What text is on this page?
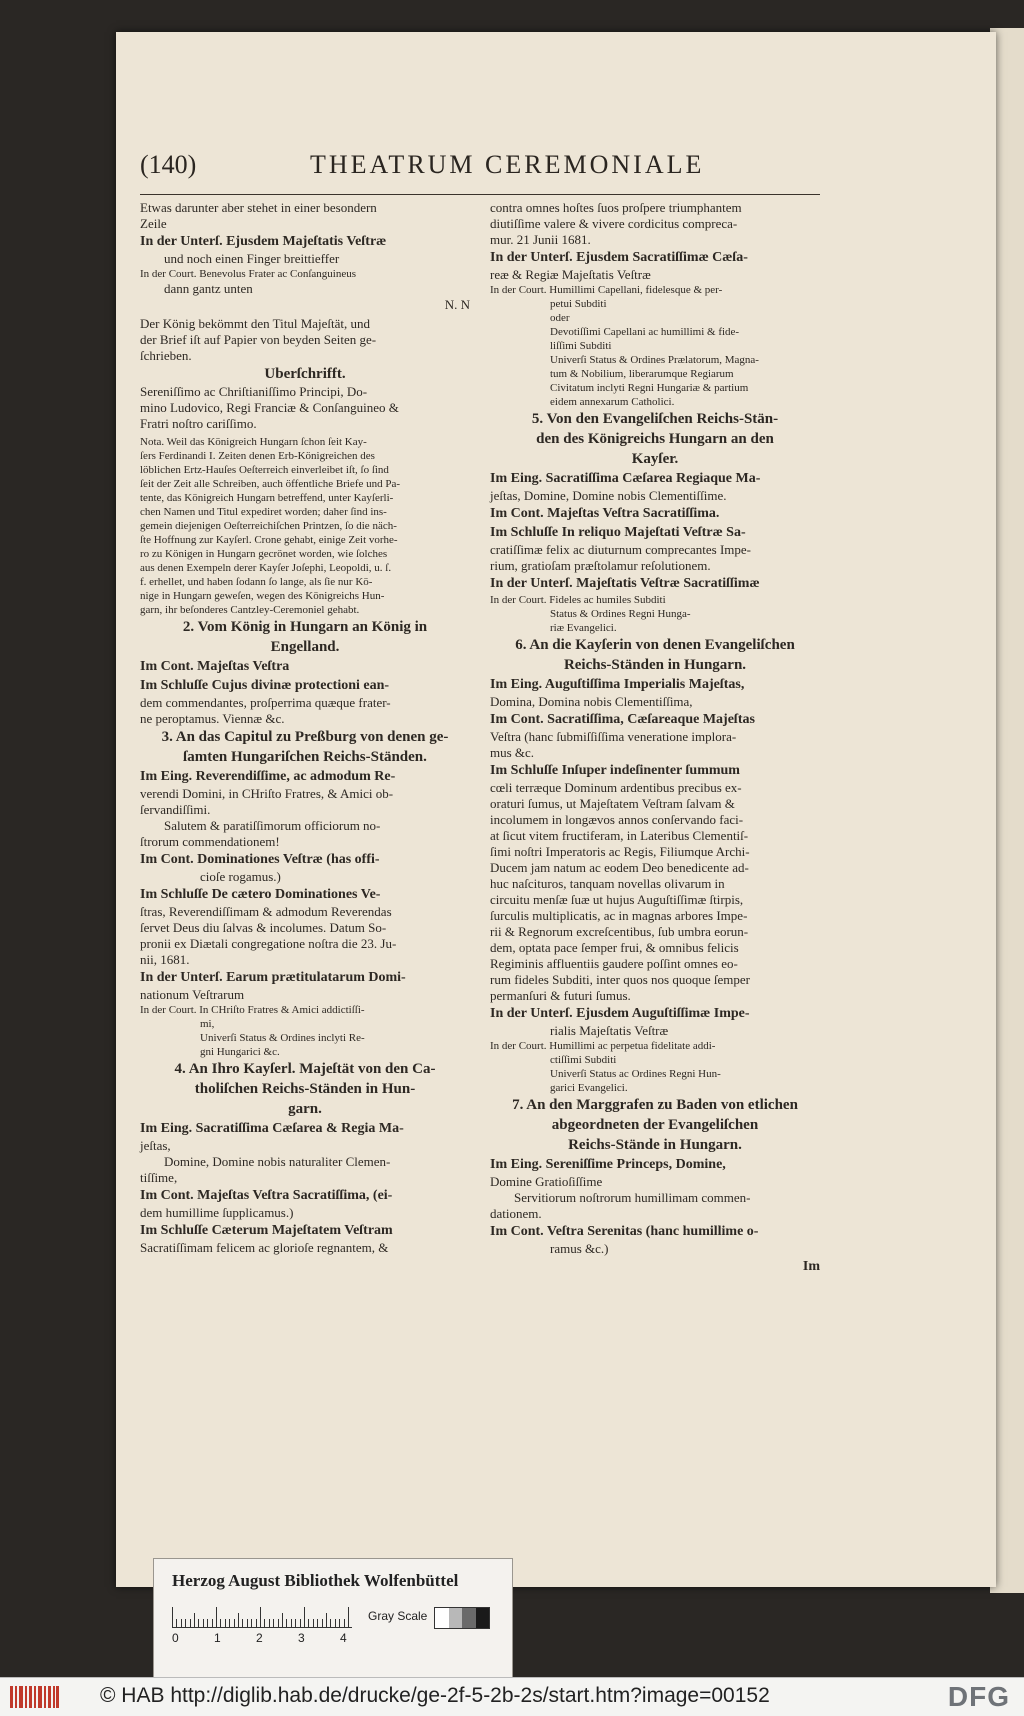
(140)	THEATRUM CEREMONIALE

Etwas darunter aber stehet in einer besondern

Zeile

In der Unterſ. Ejusdem Majeſtatis Veſtræ

und noch einen Finger breittieffer

In der Court. Benevolus Frater ac Conſanguineus

dann gantz unten

N. N

Der König bekömmt den Titul Majeſtät, und

der Brief iſt auf Papier von beyden Seiten ge-

ſchrieben.

Uberſchrifft.

Sereniſſimo ac Chriſtianiſſimo Principi, Do-

mino Ludovico, Regi Franciæ & Conſanguineo &

Fratri noſtro cariſſimo.

Nota. Weil das Königreich Hungarn ſchon ſeit Kay-

ſers Ferdinandi I. Zeiten denen Erb-Königreichen des

löblichen Ertz-Hauſes Oeſterreich einverleibet iſt, ſo ſind

ſeit der Zeit alle Schreiben, auch öffentliche Briefe und Pa-

tente, das Königreich Hungarn betreffend, unter Kayſerli-

chen Namen und Titul expediret worden; daher ſind ins-

gemein diejenigen Oeſterreichiſchen Printzen, ſo die näch-

ſte Hoffnung zur Kayſerl. Crone gehabt, einige Zeit vorhe-

ro zu Königen in Hungarn gecrönet worden, wie ſolches

aus denen Exempeln derer Kayſer Joſephi, Leopoldi, u. ſ.

f. erhellet, und haben ſodann ſo lange, als ſie nur Kö-

nige in Hungarn geweſen, wegen des Königreichs Hun-

garn, ihr beſonderes Cantzley-Ceremoniel gehabt.

2. Vom König in Hungarn an König in

Engelland.

Im Cont. Majeſtas Veſtra

Im Schluſſe Cujus divinæ protectioni ean-

dem commendantes, proſperrima quæque frater-

ne peroptamus. Viennæ &c.

3. An das Capitul zu Preßburg von denen ge-

ſamten Hungariſchen Reichs-Ständen.

Im Eing. Reverendiſſime, ac admodum Re-

verendi Domini, in CHriſto Fratres, & Amici ob-

ſervandiſſimi.

Salutem & paratiſſimorum officiorum no-

ſtrorum commendationem!

Im Cont. Dominationes Veſtræ (has offi-

cioſe rogamus.)

Im Schluſſe De cætero Dominationes Ve-

ſtras, Reverendiſſimam & admodum Reverendas

ſervet Deus diu ſalvas & incolumes. Datum So-

pronii ex Diætali congregatione noſtra die 23. Ju-

nii, 1681.

In der Unterſ. Earum prætitulatarum Domi-

nationum Veſtrarum

In der Court. In CHriſto Fratres & Amici addictiſſi-

mi,

Univerſi Status & Ordines inclyti Re-

gni Hungarici &c.

4. An Ihro Kayſerl. Majeſtät von den Ca-

tholiſchen Reichs-Ständen in Hun-

garn.

Im Eing. Sacratiſſima Cæſarea & Regia Ma-

jeſtas,

Domine, Domine nobis naturaliter Clemen-

tiſſime,

Im Cont. Majeſtas Veſtra Sacratiſſima, (ei-

dem humillime ſupplicamus.)

Im Schluſſe Cæterum Majeſtatem Veſtram

Sacratiſſimam felicem ac glorioſe regnantem, &

contra omnes hoſtes ſuos proſpere triumphantem

diutiſſime valere & vivere cordicitus compreca-

mur. 21 Junii 1681.

In der Unterſ. Ejusdem Sacratiſſimæ Cæſa-

reæ & Regiæ Majeſtatis Veſtræ

In der Court. Humillimi Capellani, fidelesque & per-

petui Subditi

oder

Devotiſſimi Capellani ac humillimi & fide-

liſſimi Subditi

Univerſi Status & Ordines Prælatorum, Magna-

tum & Nobilium, liberarumque Regiarum

Civitatum inclyti Regni Hungariæ & partium

eidem annexarum Catholici.

5. Von den Evangeliſchen Reichs-Stän-

den des Königreichs Hungarn an den

Kayſer.

Im Eing. Sacratiſſima Cæſarea Regiaque Ma-

jeſtas, Domine, Domine nobis Clementiſſime.

Im Cont. Majeſtas Veſtra Sacratiſſima.

Im Schluſſe In reliquo Majeſtati Veſtræ Sa-

cratiſſimæ felix ac diuturnum comprecantes Impe-

rium, gratioſam præſtolamur reſolutionem.

In der Unterſ. Majeſtatis Veſtræ Sacratiſſimæ

In der Court. Fideles ac humiles Subditi

Status & Ordines Regni Hunga-

riæ Evangelici.

6. An die Kayſerin von denen Evangeliſchen

Reichs-Ständen in Hungarn.

Im Eing. Auguſtiſſima Imperialis Majeſtas,

Domina, Domina nobis Clementiſſima,

Im Cont. Sacratiſſima, Cæſareaque Majeſtas

Veſtra (hanc ſubmiſſiſſima veneratione implora-

mus &c.

Im Schluſſe Inſuper indeſinenter ſummum

cœli terræque Dominum ardentibus precibus ex-

oraturi ſumus, ut Majeſtatem Veſtram ſalvam &

incolumem in longævos annos conſervando faci-

at ſicut vitem fructiferam, in Lateribus Clementiſ-

ſimi noſtri Imperatoris ac Regis, Filiumque Archi-

Ducem jam natum ac eodem Deo benedicente ad-

huc naſcituros, tanquam novellas olivarum in

circuitu menſæ ſuæ ut hujus Auguſtiſſimæ ſtirpis,

ſurculis multiplicatis, ac in magnas arbores Impe-

rii & Regnorum excreſcentibus, ſub umbra eorun-

dem, optata pace ſemper frui, & omnibus felicis

Regiminis affluentiis gaudere poſſint omnes eo-

rum fideles Subditi, inter quos nos quoque ſemper

permanſuri & futuri ſumus.

In der Unterſ. Ejusdem Auguſtiſſimæ Impe-

rialis Majeſtatis Veſtræ

In der Court. Humillimi ac perpetua fidelitate addi-

ctiſſimi Subditi

Univerſi Status ac Ordines Regni Hun-

garici Evangelici.

7. An den Marggrafen zu Baden von etlichen

abgeordneten der Evangeliſchen

Reichs-Stände in Hungarn.

Im Eing. Sereniſſime Princeps, Domine,

Domine Gratioſiſſime

Servitiorum noſtrorum humillimam commen-

dationem.

Im Cont. Veſtra Serenitas (hanc humillime o-

ramus &c.)

Im

Herzog August Bibliothek Wolfenbüttel
0	1	2	3	4
Gray Scale
© HAB http://diglib.hab.de/drucke/ge-2f-5-2b-2s/start.htm?image=00152	DFG
